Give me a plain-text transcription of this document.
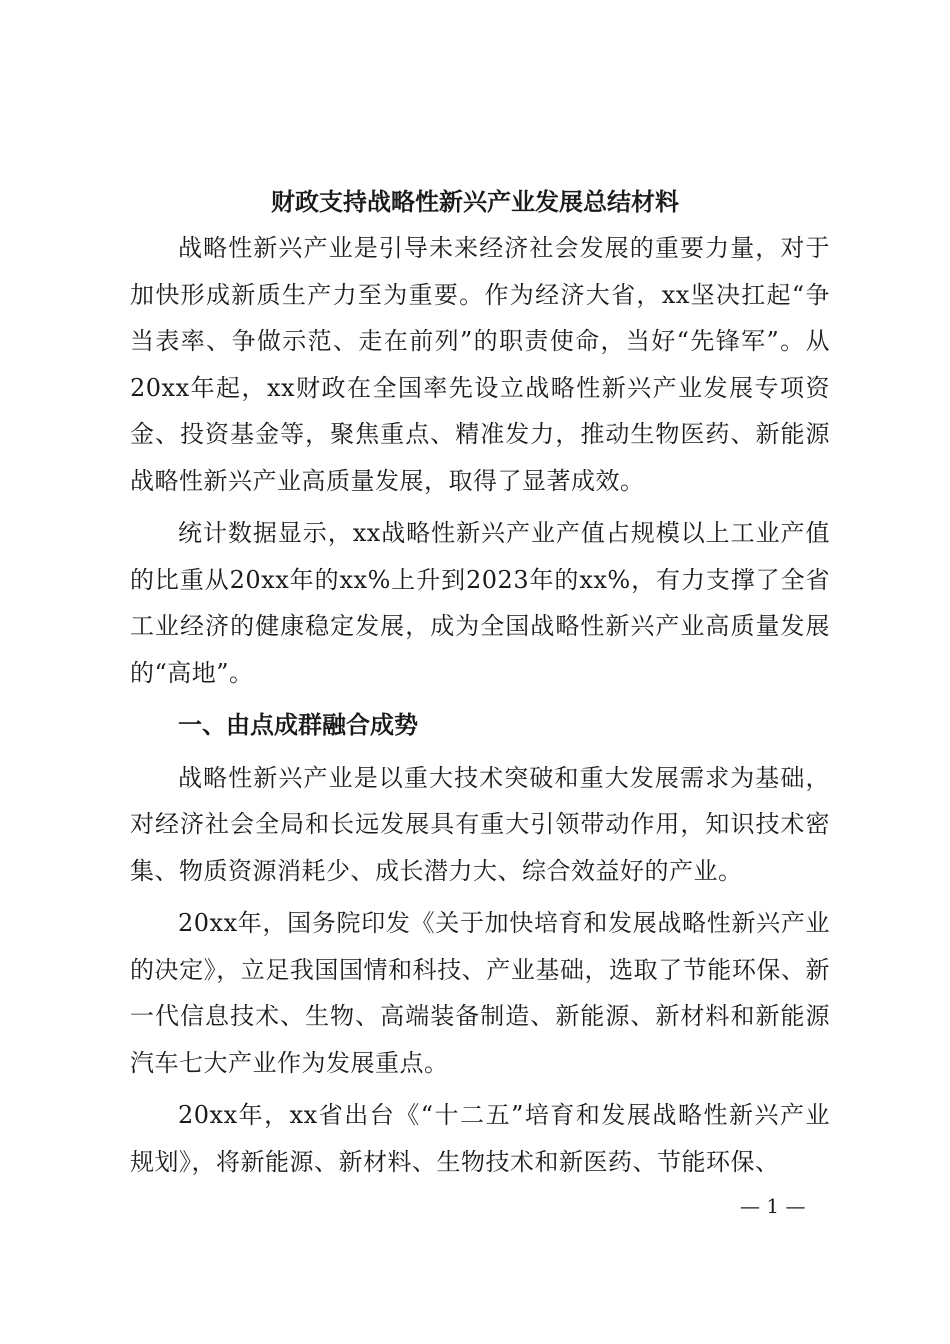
财政支持战略性新兴产业发展总结材料

战略性新兴产业是引导未来经济社会发展的重要力量，对于加快形成新质生产力至为重要。作为经济大省，xx坚决扛起“争当表率、争做示范、走在前列”的职责使命，当好“先锋军”。从20xx年起，xx财政在全国率先设立战略性新兴产业发展专项资金、投资基金等，聚焦重点、精准发力，推动生物医药、新能源战略性新兴产业高质量发展，取得了显著成效。

统计数据显示，xx战略性新兴产业产值占规模以上工业产值的比重从20xx年的xx%上升到2023年的xx%，有力支撑了全省工业经济的健康稳定发展，成为全国战略性新兴产业高质量发展的“高地”。

一、由点成群融合成势

战略性新兴产业是以重大技术突破和重大发展需求为基础，对经济社会全局和长远发展具有重大引领带动作用，知识技术密集、物质资源消耗少、成长潜力大、综合效益好的产业。

20xx年，国务院印发《关于加快培育和发展战略性新兴产业的决定》，立足我国国情和科技、产业基础，选取了节能环保、新一代信息技术、生物、高端装备制造、新能源、新材料和新能源汽车七大产业作为发展重点。

20xx年，xx省出台《“十二五”培育和发展战略性新兴产业规划》，将新能源、新材料、生物技术和新医药、节能环保、

— 1 —
